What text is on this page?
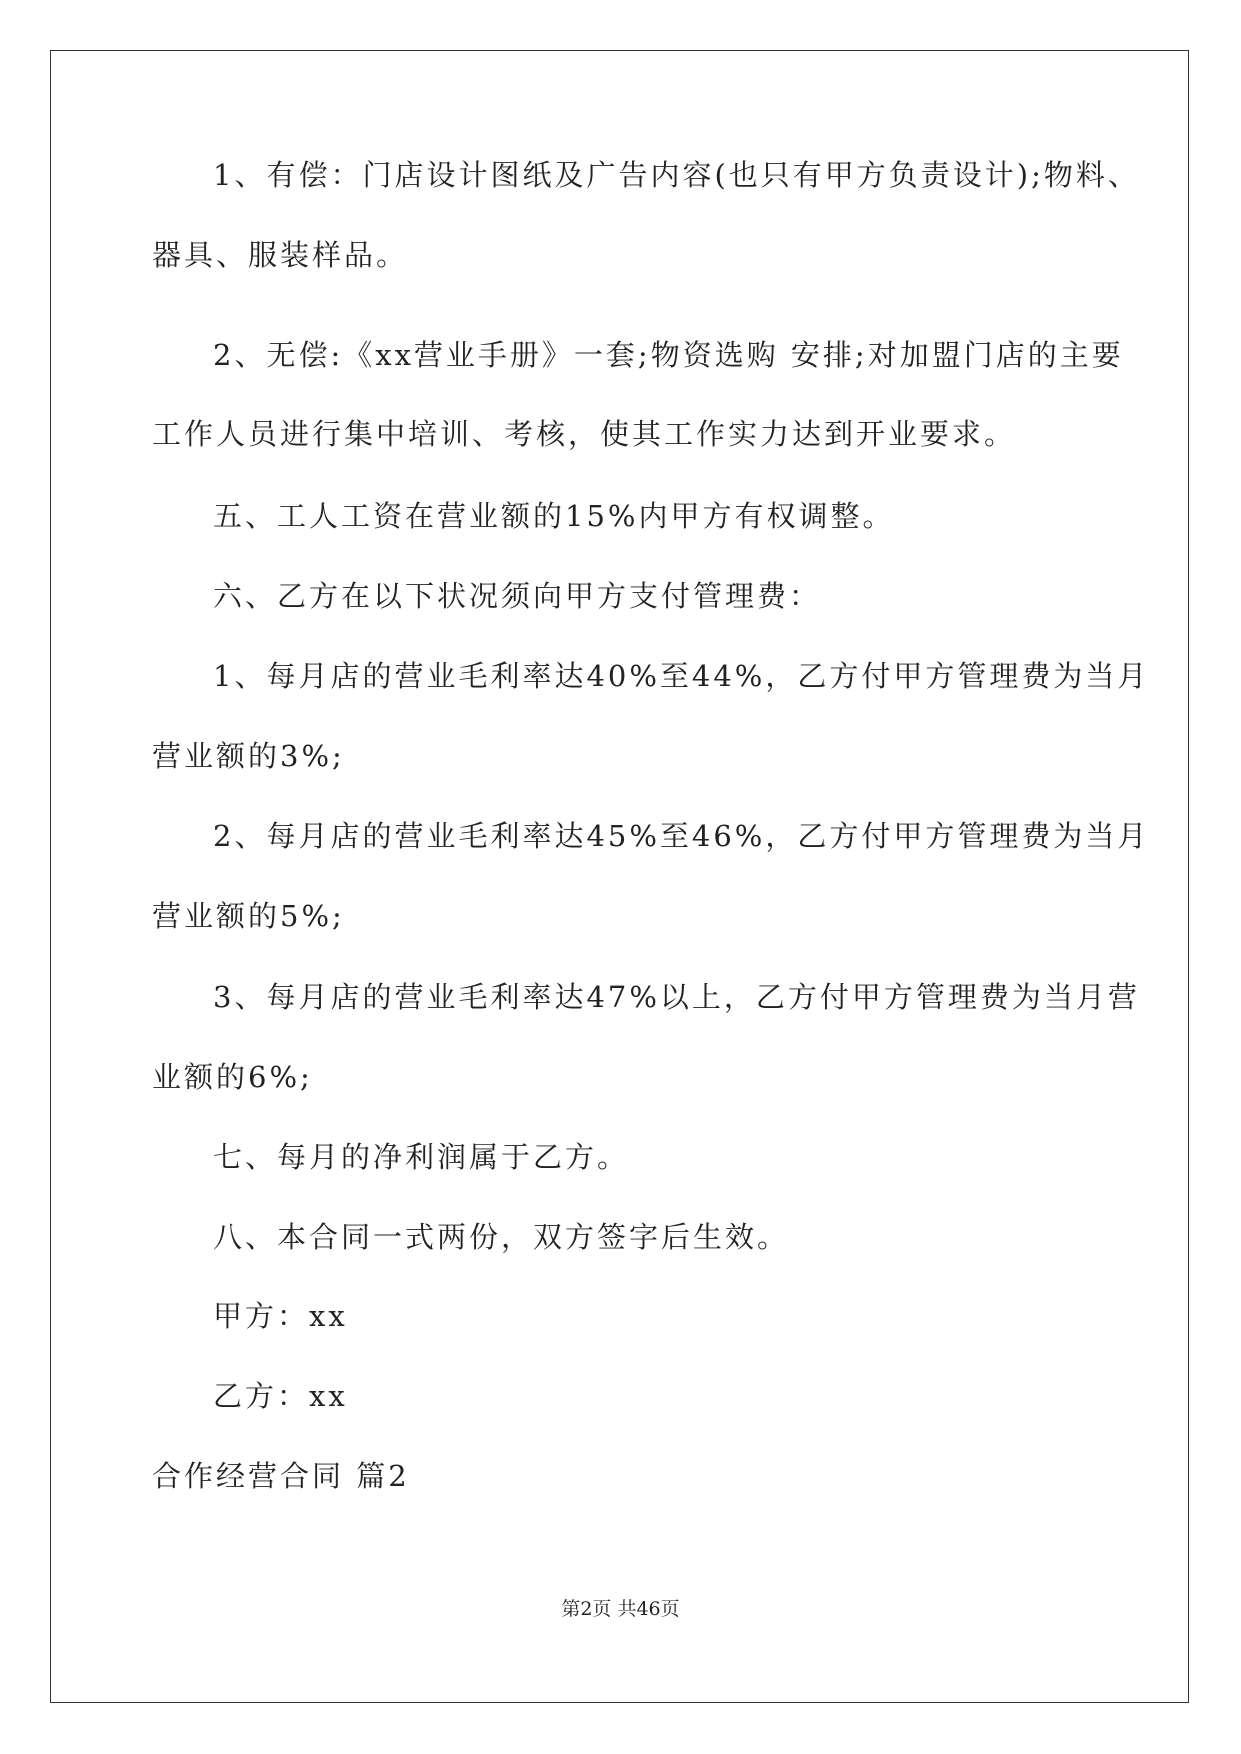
1、有偿：门店设计图纸及广告内容(也只有甲方负责设计);物料、
器具、服装样品。
2、无偿:《xx营业手册》一套;物资选购 安排;对加盟门店的主要
工作人员进行集中培训、考核，使其工作实力达到开业要求。
五、工人工资在营业额的15%内甲方有权调整。
六、乙方在以下状况须向甲方支付管理费：
1、每月店的营业毛利率达40%至44%，乙方付甲方管理费为当月
营业额的3%;
2、每月店的营业毛利率达45%至46%，乙方付甲方管理费为当月
营业额的5%;
3、每月店的营业毛利率达47%以上，乙方付甲方管理费为当月营
业额的6%;
七、每月的净利润属于乙方。
八、本合同一式两份，双方签字后生效。
甲方：xx
乙方：xx
合作经营合同 篇2
第2页 共46页
